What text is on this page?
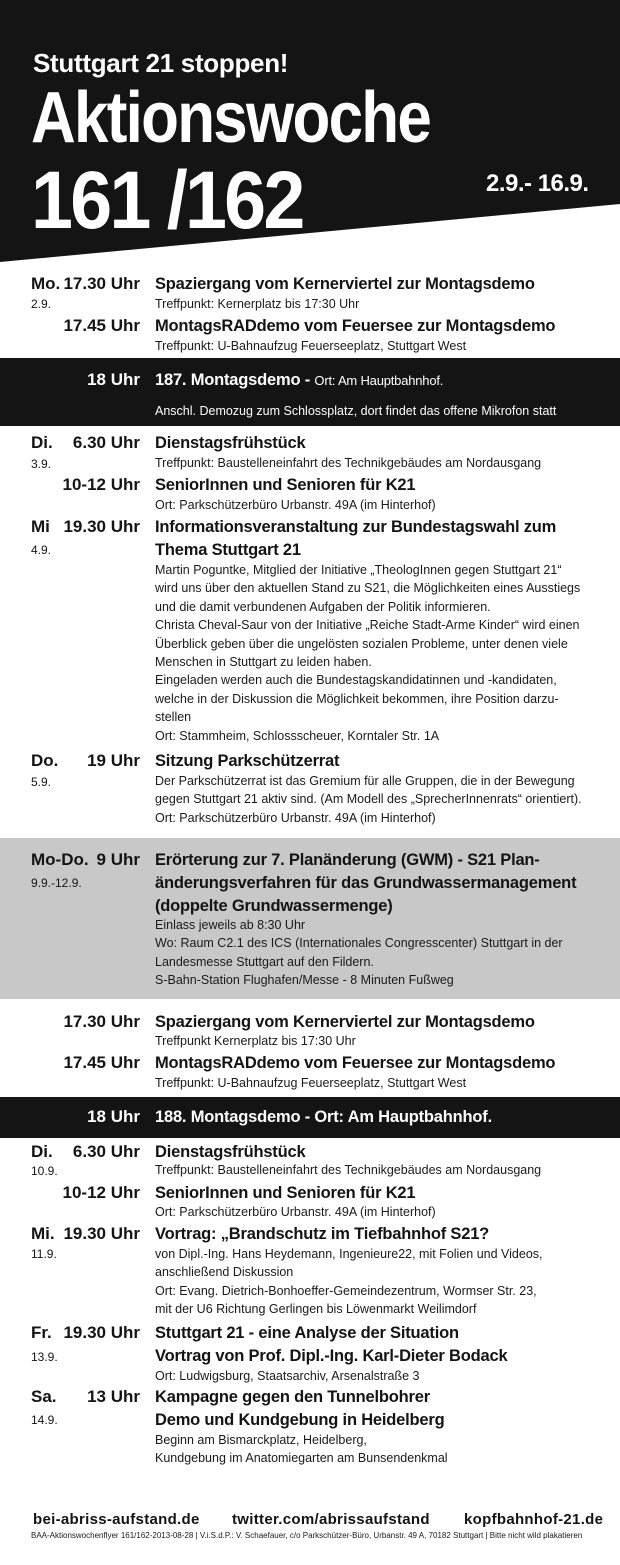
Stuttgart 21 stoppen!
Aktionswoche
161 /162	2.9.- 16.9.
Mo.
2.9.
17.30 Uhr Spaziergang vom Kernerviertel zur Montagsdemo
Treffpunkt: Kernerplatz bis 17:30 Uhr
17.45 Uhr MontagsRADdemo vom Feuersee zur Montagsdemo
Treffpunkt: U-Bahnaufzug Feuerseeplatz, Stuttgart West
18 Uhr 187. Montagsdemo - Ort: Am Hauptbahnhof.
Anschl. Demozug zum Schlossplatz, dort findet das offene Mikrofon statt
Di.
3.9.
6.30 Uhr Dienstagsfrühstück
Treffpunkt: Baustelleneinfahrt des Technikgebäudes am Nordausgang
10-12 Uhr SeniorInnen und Senioren für K21
Ort: Parkschützerbüro Urbanstr. 49A (im Hinterhof)
Mi
4.9.
19.30 Uhr Informationsveranstaltung zur Bundestagswahl zum
Thema Stuttgart 21
Martin Poguntke, Mitglied der Initiative „TheologInnen gegen Stuttgart 21“
wird uns über den aktuellen Stand zu S21, die Möglichkeiten eines Ausstiegs
und die damit verbundenen Aufgaben der Politik informieren.
Christa Cheval-Saur von der Initiative „Reiche Stadt-Arme Kinder“ wird einen
Überblick geben über die ungelösten sozialen Probleme, unter denen viele
Menschen in Stuttgart zu leiden haben.
Eingeladen werden auch die Bundestagskandidatinnen und -kandidaten,
welche in der Diskussion die Möglichkeit bekommen, ihre Position darzu-
stellen
Ort: Stammheim, Schlossscheuer, Korntaler Str. 1A
Do.
5.9.
19 Uhr Sitzung Parkschützerrat
Der Parkschützerrat ist das Gremium für alle Gruppen, die in der Bewegung
gegen Stuttgart 21 aktiv sind. (Am Modell des „SprecherInnenrats“ orientiert).
Ort: Parkschützerbüro Urbanstr. 49A (im Hinterhof)
Mo-Do.
9.9.-12.9.
9 Uhr Erörterung zur 7. Planänderung (GWM) - S21 Plan-
änderungsverfahren für das Grundwassermanagement
(doppelte Grundwassermenge)
Einlass jeweils ab 8:30 Uhr
Wo: Raum C2.1 des ICS (Internationales Congresscenter) Stuttgart in der
Landesmesse Stuttgart auf den Fildern.
S-Bahn-Station Flughafen/Messe - 8 Minuten Fußweg
17.30 Uhr Spaziergang vom Kernerviertel zur Montagsdemo
Treffpunkt Kernerplatz bis 17:30 Uhr
17.45 Uhr MontagsRADdemo vom Feuersee zur Montagsdemo
Treffpunkt: U-Bahnaufzug Feuerseeplatz, Stuttgart West
18 Uhr 188. Montagsdemo - Ort: Am Hauptbahnhof.
Di.
10.9.
6.30 Uhr Dienstagsfrühstück
Treffpunkt: Baustelleneinfahrt des Technikgebäudes am Nordausgang
10-12 Uhr SeniorInnen und Senioren für K21
Ort: Parkschützerbüro Urbanstr. 49A (im Hinterhof)
Mi.
11.9.
19.30 Uhr Vortrag: „Brandschutz im Tiefbahnhof S21?
von Dipl.-Ing. Hans Heydemann, Ingenieure22, mit Folien und Videos,
anschließend Diskussion
Ort: Evang. Dietrich-Bonhoeffer-Gemeindezentrum, Wormser Str. 23,
mit der U6 Richtung Gerlingen bis Löwenmarkt Weilimdorf
Fr.
13.9.
19.30 Uhr Stuttgart 21 - eine Analyse der Situation
Vortrag von Prof. Dipl.-Ing. Karl-Dieter Bodack
Ort: Ludwigsburg, Staatsarchiv, Arsenalstraße 3
Sa.
14.9.
13 Uhr Kampagne gegen den Tunnelbohrer
Demo und Kundgebung in Heidelberg
Beginn am Bismarckplatz, Heidelberg,
Kundgebung im Anatomiegarten am Bunsendenkmal
bei-abriss-aufstand.de twitter.com/abrissaufstand kopfbahnhof-21.de
BAA-Aktionswochenflyer 161/162-2013-08-28 | V.i.S.d.P.: V. Schaefauer, c/o Parkschützer-Büro, Urbanstr. 49 A, 70182 Stuttgart | Bitte nicht wild plakatieren
